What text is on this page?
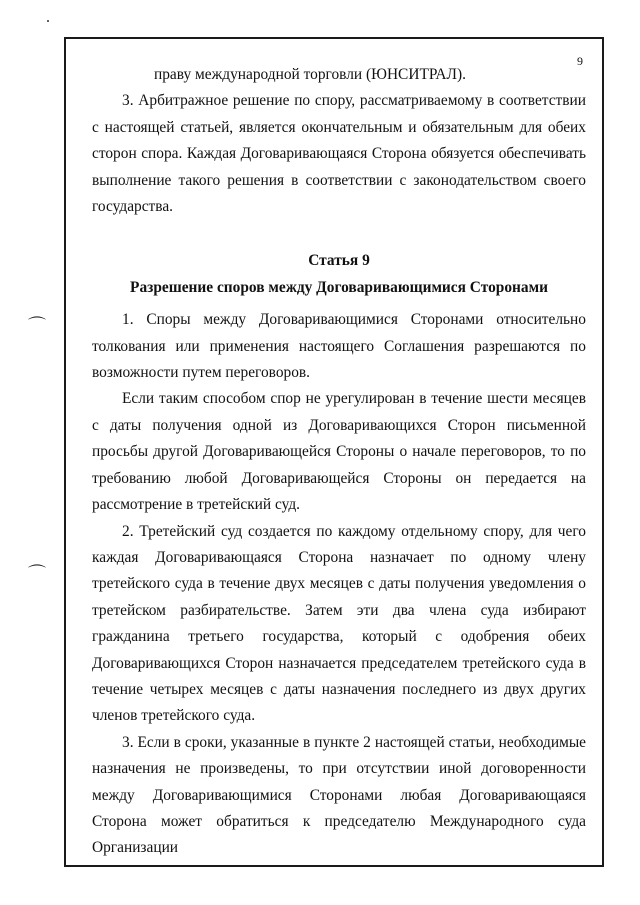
⌒
⌒
9

праву международной торговли (ЮНСИТРАЛ).

3. Арбитражное решение по спору, рассматриваемому в соответствии с настоящей статьей, является окончательным и обязательным для обеих сторон спора. Каждая Договаривающаяся Сторона обязуется обеспечивать выполнение такого решения в соответствии с законодательством своего государства.

Статья 9
Разрешение споров между Договаривающимися Сторонами

1. Споры между Договаривающимися Сторонами относительно толкования или применения настоящего Соглашения разрешаются по возможности путем переговоров.

Если таким способом спор не урегулирован в течение шести месяцев с даты получения одной из Договаривающихся Сторон письменной просьбы другой Договаривающейся Стороны о начале переговоров, то по требованию любой Договаривающейся Стороны он передается на рассмотрение в третейский суд.

2. Третейский суд создается по каждому отдельному спору, для чего каждая Договаривающаяся Сторона назначает по одному члену третейского суда в течение двух месяцев с даты получения уведомления о третейском разбирательстве. Затем эти два члена суда избирают гражданина третьего государства, который с одобрения обеих Договаривающихся Сторон назначается председателем третейского суда в течение четырех месяцев с даты назначения последнего из двух других членов третейского суда.

3. Если в сроки, указанные в пункте 2 настоящей статьи, необходимые назначения не произведены, то при отсутствии иной договоренности между Договаривающимися Сторонами любая Договаривающаяся Сторона может обратиться к председателю Международного суда Организации
